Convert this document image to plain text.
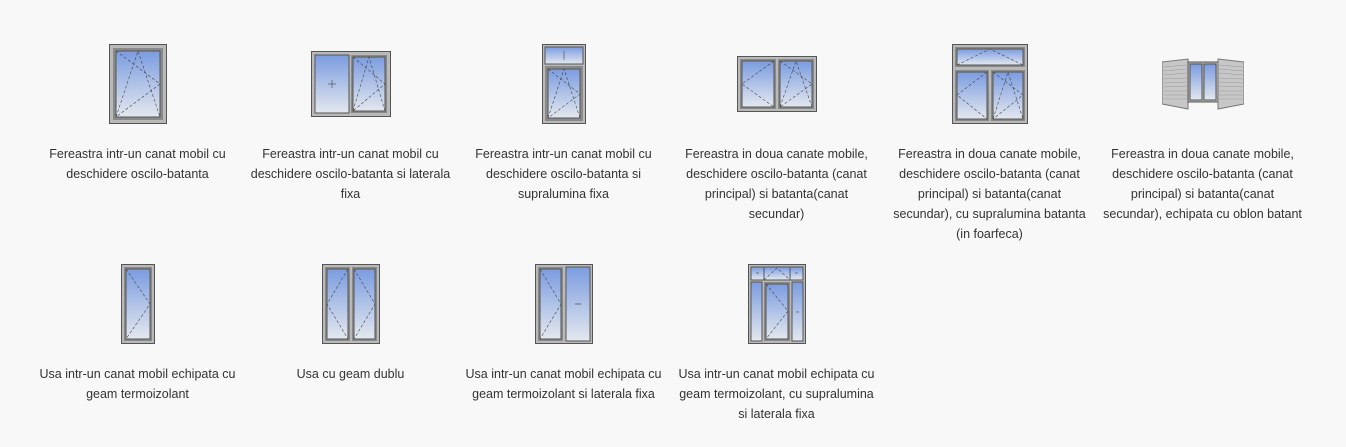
Fereastra intr-un canat mobil cu deschidere oscilo-batanta
Fereastra intr-un canat mobil cu deschidere oscilo-batanta si laterala fixa
Fereastra intr-un canat mobil cu deschidere oscilo-batanta si supralumina fixa
Fereastra in doua canate mobile, deschidere oscilo-batanta (canat principal) si batanta(canat secundar)
Fereastra in doua canate mobile, deschidere oscilo-batanta (canat principal) si batanta(canat secundar), cu supralumina batanta (in foarfeca)
Fereastra in doua canate mobile, deschidere oscilo-batanta (canat principal) si batanta(canat secundar), echipata cu oblon batant
Usa intr-un canat mobil echipata cu geam termoizolant
Usa cu geam dublu	Usa intr-un canat mobil echipata cu geam termoizolant si laterala fixa
Usa intr-un canat mobil echipata cu geam termoizolant, cu supralumina si laterala fixa
